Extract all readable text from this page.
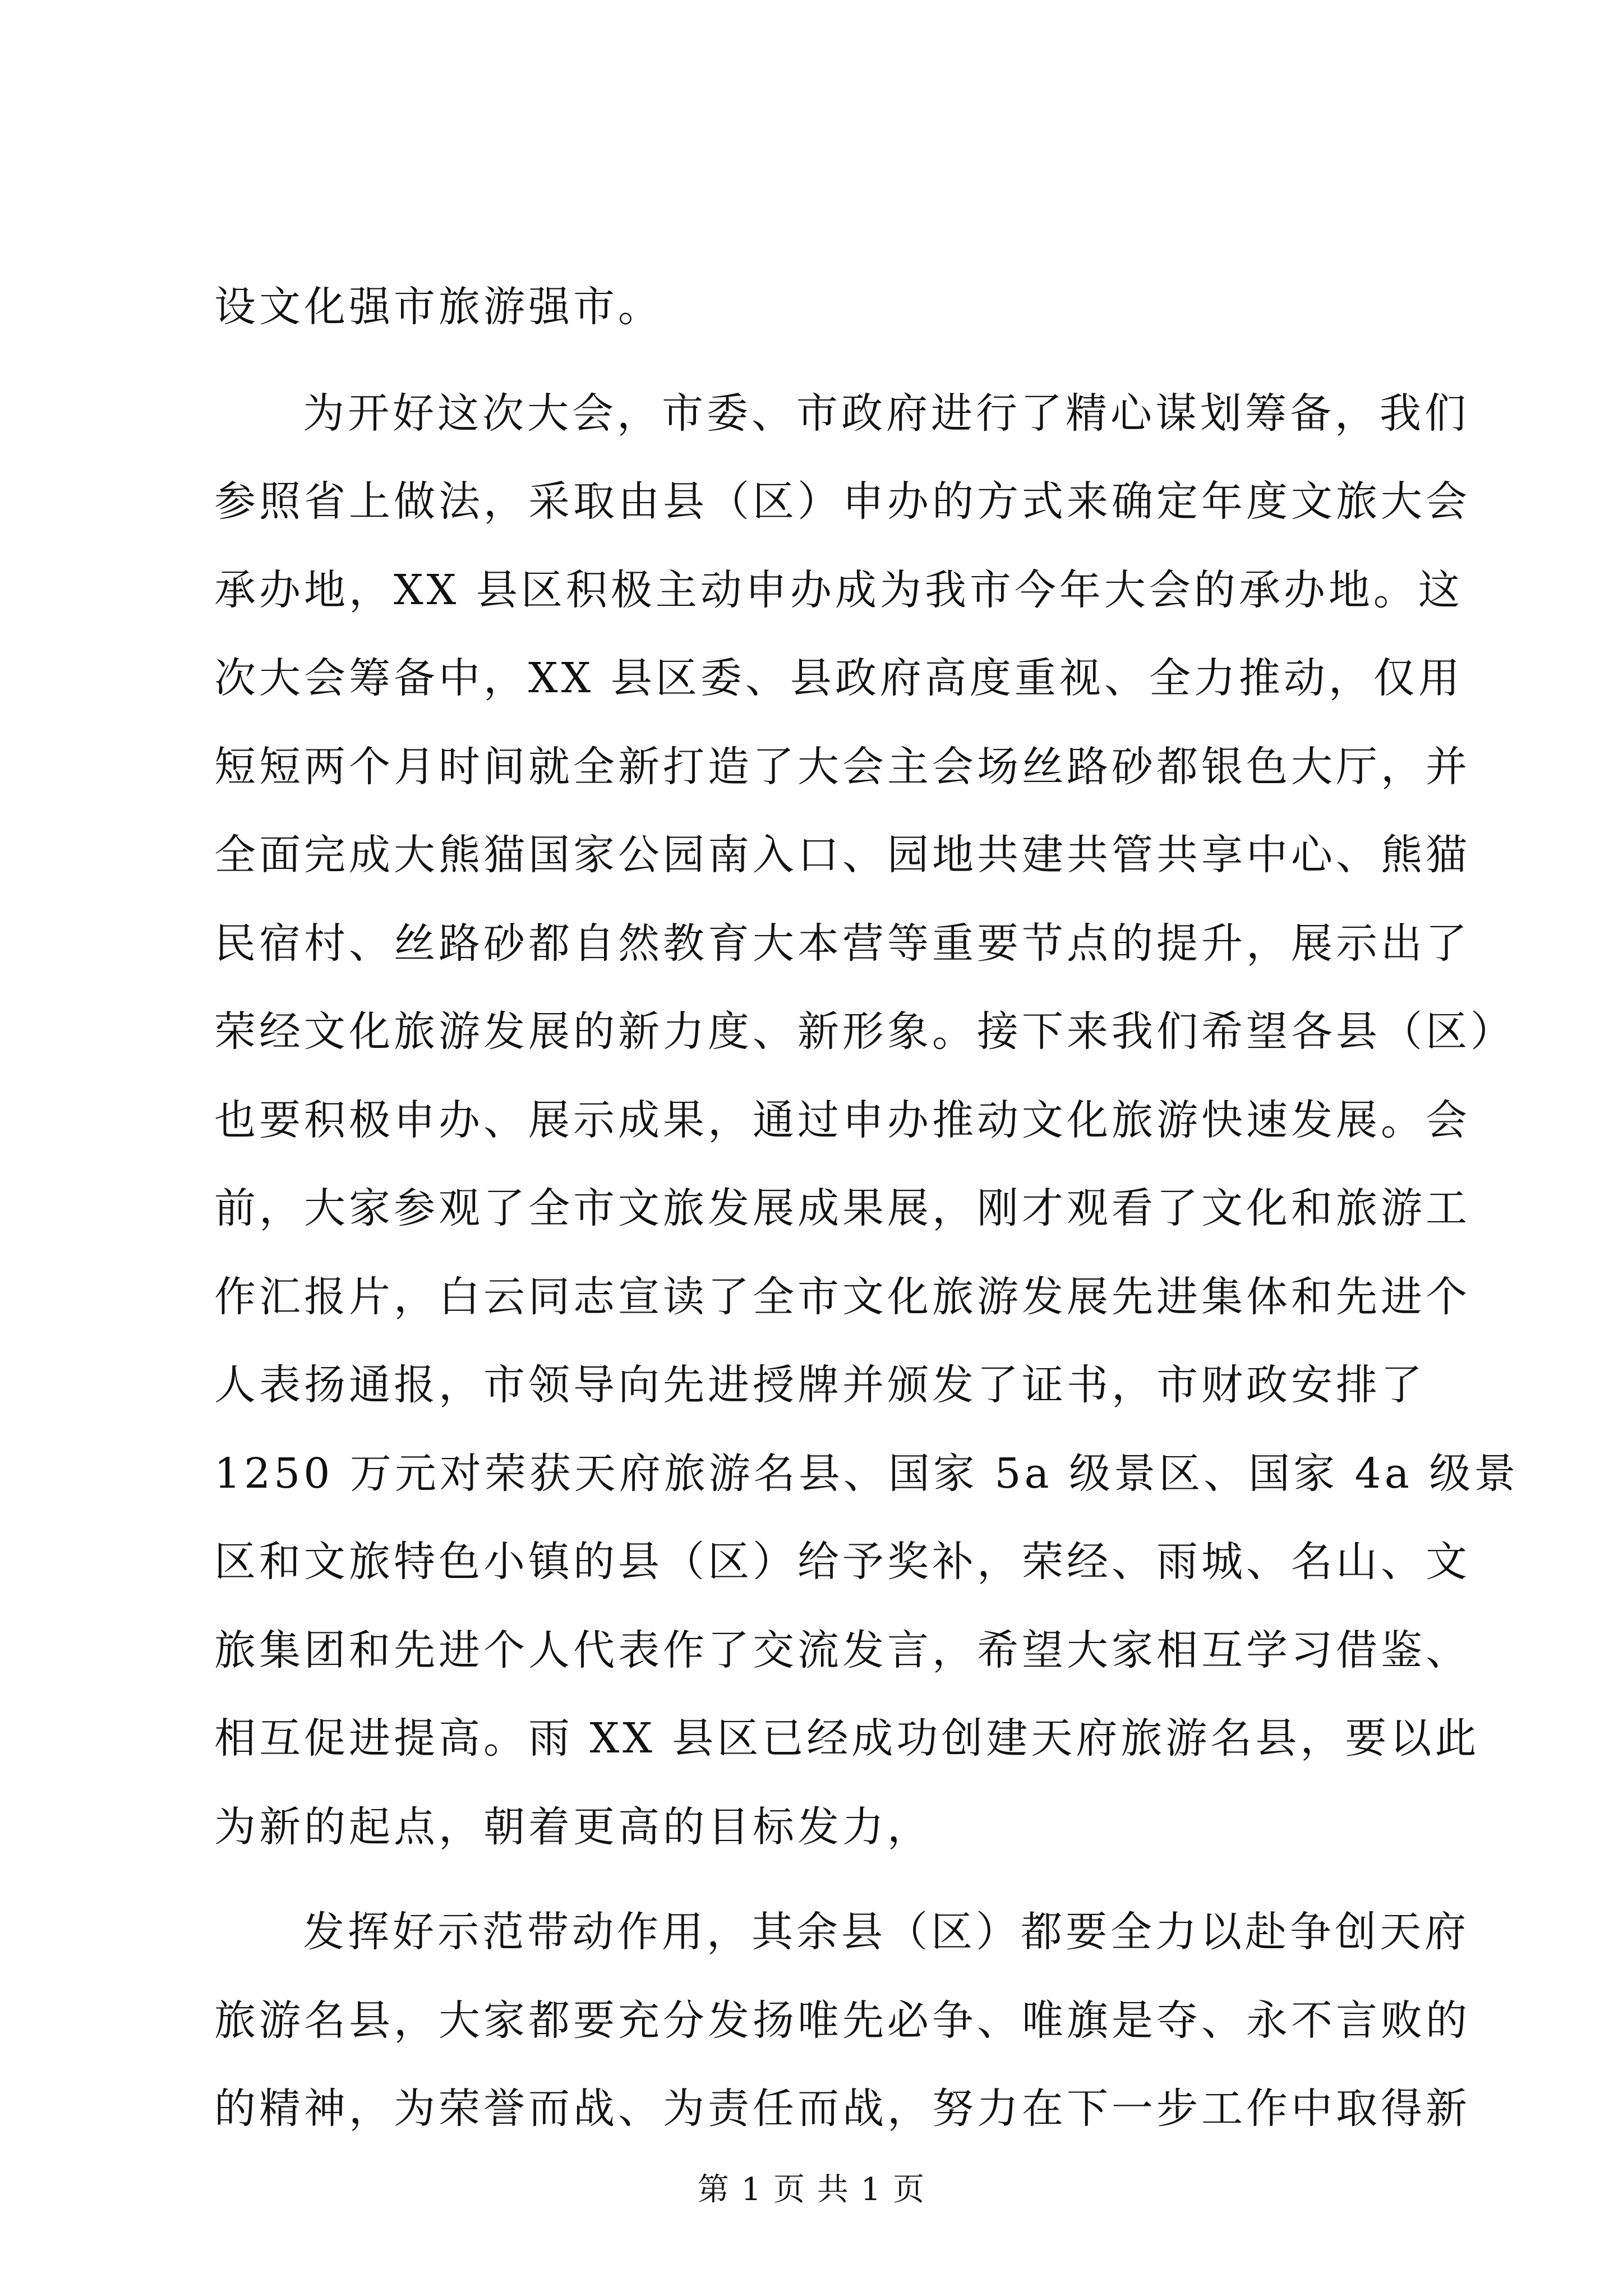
设文化强市旅游强市。
为开好这次大会，市委、市政府进行了精心谋划筹备，我们
参照省上做法，采取由县（区）申办的方式来确定年度文旅大会
承办地，XX 县区积极主动申办成为我市今年大会的承办地。这
次大会筹备中，XX 县区委、县政府高度重视、全力推动，仅用
短短两个月时间就全新打造了大会主会场丝路砂都银色大厅，并
全面完成大熊猫国家公园南入口、园地共建共管共享中心、熊猫
民宿村、丝路砂都自然教育大本营等重要节点的提升，展示出了
荣经文化旅游发展的新力度、新形象。接下来我们希望各县（区）
也要积极申办、展示成果，通过申办推动文化旅游快速发展。会
前，大家参观了全市文旅发展成果展，刚才观看了文化和旅游工
作汇报片，白云同志宣读了全市文化旅游发展先进集体和先进个
人表扬通报，市领导向先进授牌并颁发了证书，市财政安排了
1250 万元对荣获天府旅游名县、国家 5a 级景区、国家 4a 级景
区和文旅特色小镇的县（区）给予奖补，荣经、雨城、名山、文
旅集团和先进个人代表作了交流发言，希望大家相互学习借鉴、
相互促进提高。雨 XX 县区已经成功创建天府旅游名县，要以此
为新的起点，朝着更高的目标发力，
发挥好示范带动作用，其余县（区）都要全力以赴争创天府
旅游名县，大家都要充分发扬唯先必争、唯旗是夺、永不言败的
的精神，为荣誉而战、为责任而战，努力在下一步工作中取得新
第 1 页 共 1 页
